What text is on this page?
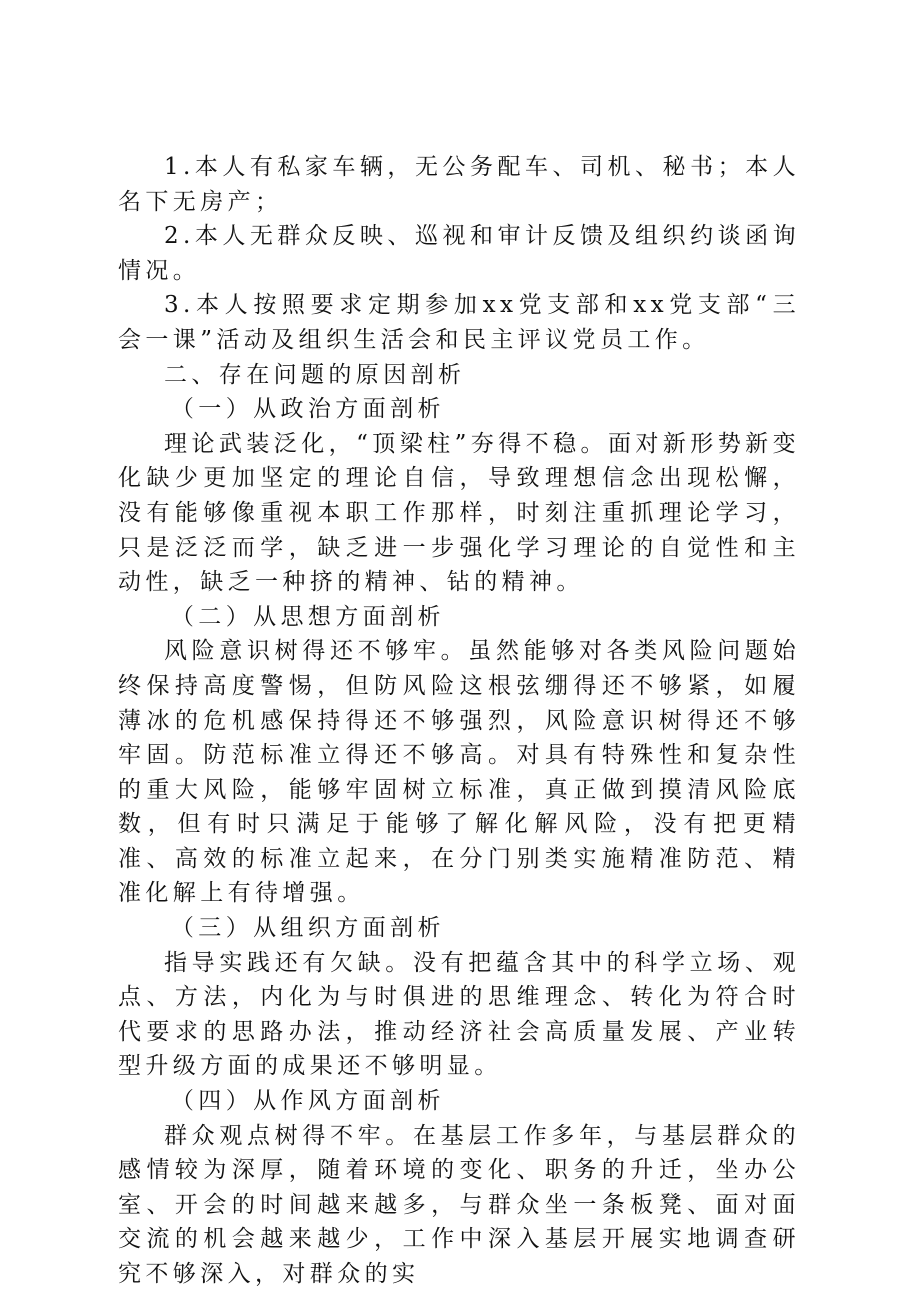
1.本人有私家车辆，无公务配车、司机、秘书；本人名下无房产；

2.本人无群众反映、巡视和审计反馈及组织约谈函询情况。

3.本人按照要求定期参加xx党支部和xx党支部“三会一课”活动及组织生活会和民主评议党员工作。

二、存在问题的原因剖析

（一）从政治方面剖析

理论武装泛化，“顶梁柱”夯得不稳。面对新形势新变化缺少更加坚定的理论自信，导致理想信念出现松懈，没有能够像重视本职工作那样，时刻注重抓理论学习，只是泛泛而学，缺乏进一步强化学习理论的自觉性和主动性，缺乏一种挤的精神、钻的精神。

（二）从思想方面剖析

风险意识树得还不够牢。虽然能够对各类风险问题始终保持高度警惕，但防风险这根弦绷得还不够紧，如履薄冰的危机感保持得还不够强烈，风险意识树得还不够牢固。防范标准立得还不够高。对具有特殊性和复杂性的重大风险，能够牢固树立标准，真正做到摸清风险底数，但有时只满足于能够了解化解风险，没有把更精准、高效的标准立起来，在分门别类实施精准防范、精准化解上有待增强。

（三）从组织方面剖析

指导实践还有欠缺。没有把蕴含其中的科学立场、观点、方法，内化为与时俱进的思维理念、转化为符合时代要求的思路办法，推动经济社会高质量发展、产业转型升级方面的成果还不够明显。

（四）从作风方面剖析

群众观点树得不牢。在基层工作多年，与基层群众的感情较为深厚，随着环境的变化、职务的升迁，坐办公室、开会的时间越来越多，与群众坐一条板凳、面对面交流的机会越来越少，工作中深入基层开展实地调查研究不够深入，对群众的实
